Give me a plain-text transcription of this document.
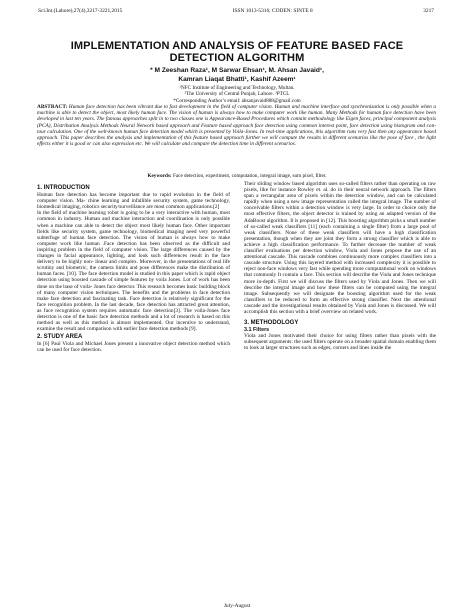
Sci.Int.(Lahore),27(4),3217-3221,2015	ISSN 1013-5316; CODEN: SINTE 8	3217
IMPLEMENTATION AND ANALYSIS OF FEATURE BASED FACE DETECTION ALGORITHM
* M Zeeshan Raza¹, M Sarwar Ehsan¹, M. Ahsan Javaid¹,
Kamran Liaqat Bhatti¹, Kashif Azeem¹
¹NFC Institute of Engineering and Technology, Multan.
²The University of Central Punjab, Lahore. ³PTCL
*Corresponding Author’s email: ahsanjavaid888@gmail.com
ABSTRACT: Human face detection has been vibrant due to fast development in the field of computer vision. Human and machine interface and synchronization is only possible when a machine is able to detect the object, most likely human face. The vision of human is always how to make computer work like human. Many Methods for human face detection have been developed in last ten years. The famous approaches split in to two classes one is Appearance-Based Procedures which contain methodology like Eigen faces, principal component analysis (PCA), Distribution Analysis Methods Neural Network based approach and Feature based approach face detection using common interest point, face detection using histogram and con-tour calculation. One of the well-known human face detection model which is presented by Voila-Jones. In real-time applications, this algorithm runs very fast then any appearance based approach. This paper describes the analysis and implementation of this feature based approach further we will compute the results in different scenarios like the pose of face , the light effects either it is good or can also expression etc. We will calculate and compare the detection time in different scenarios.
Keywords: Face detection, experiment, computation, integral image, sum pixel, filter.
1. INTRODUCTION

Human face detection has become important due to rapid evolution in the field of computer vision. Ma- chine learning and infallible security system, game technology, biomedical imaging, robotics security/surveillance are most common applications.[2]

In the field of machine learning robot is going to be a very interactive with human, most common in industry. Human and machine interaction and coordination is only possible when a machine can able to detect the object most likely human face. Other important fields like security system, game technology, biomedical imaging need very powerful subterfuge of human face detection. The vision of human is always how to make computer work like human .Face detection has been observed as the difficult and inspiring problem in the field of computer vision. The large differences caused by the changes in facial appearance, lighting, and look such differences result in the face delivery to be highly non- linear and complex. Moreover, in the presentations of real life scrutiny and biometric, the camera limits and pose differences make the distribution of human faces. [10]. The face detection model is studied in this paper which is rapid object detection using boosted cascade of simple features by voila Jones. Lot of work has been done on the base of voila- Jones face detector. This research becomes basic building block of many computer vision techniques. The benefits and the problems in face detection make face detection and fascinating task. Face detection is relatively significant for the face recognition problem. In the last decade, face detection has attracted great attention, as face recognition system requires automatic face detection[3]. The voila-Jones face detection is one of the basic face detection methods and a lot of research is based on this method as well as this method is almost implemented. Our incentive to understand, examine the result and comparison with earlier face detection methods [9].

2. STUDY AREA

In [6] Paul Viola and Michael Jones present a innovative object detection method which can be used for face detection.

Their sliding window based algorithm uses so-called filters rather than operating on raw pixels, like for instance Rowley et. al. do in their neural network approach. The filters span a rectangular area of pixels within the detection window, and can be calculated rapidly when using a new image representation called the integral image. The number of conceivable filters within a detection window is very large. In order to choice only the most effective filters, the object detector is trained by using an adapted version of the AdaBoost algorithm. It is proposed in [12]. This boosting algorithm picks a small number of so-called weak classifiers [11] (each containing a single filter) from a large pool of weak classifiers. None of these weak classifiers will have a high classification presentation, though when they are joint they form a strong classifier which is able to achieve a high classification performance. To further decrease the number of weak classifier evaluations per detection window, Viola and Jones propose the use of an attentional cascade. This cascade combines continuously more complex classifiers into a cascade structure. Using this layered method with increased complexity it is possible to reject non-face windows very fast while spending more computational work on windows that commonly It contain a face. This section will describe the Viola and Jones technique more in-depth. First we will discuss the filters used by Viola and Jones. Then we will describe the integral image and how these filters can be computed using the integral image. Subsequently we will designate the boosting algorithm used for the weak classifiers to be reduced to form an effective strong classifier. Next the attentional cascade and the investigational results obtained by Viola and Jones is discussed. We will accomplish this section with a brief overview on related work.

3. METHODOLOGY
3.1 Filters

Viola and Jones motivated their choice for using filters rather than pixels with the subsequent arguments: the used filters operate on a broader spatial domain enabling them to look at larger structures such as edges, corners and lines inside the

July-August
